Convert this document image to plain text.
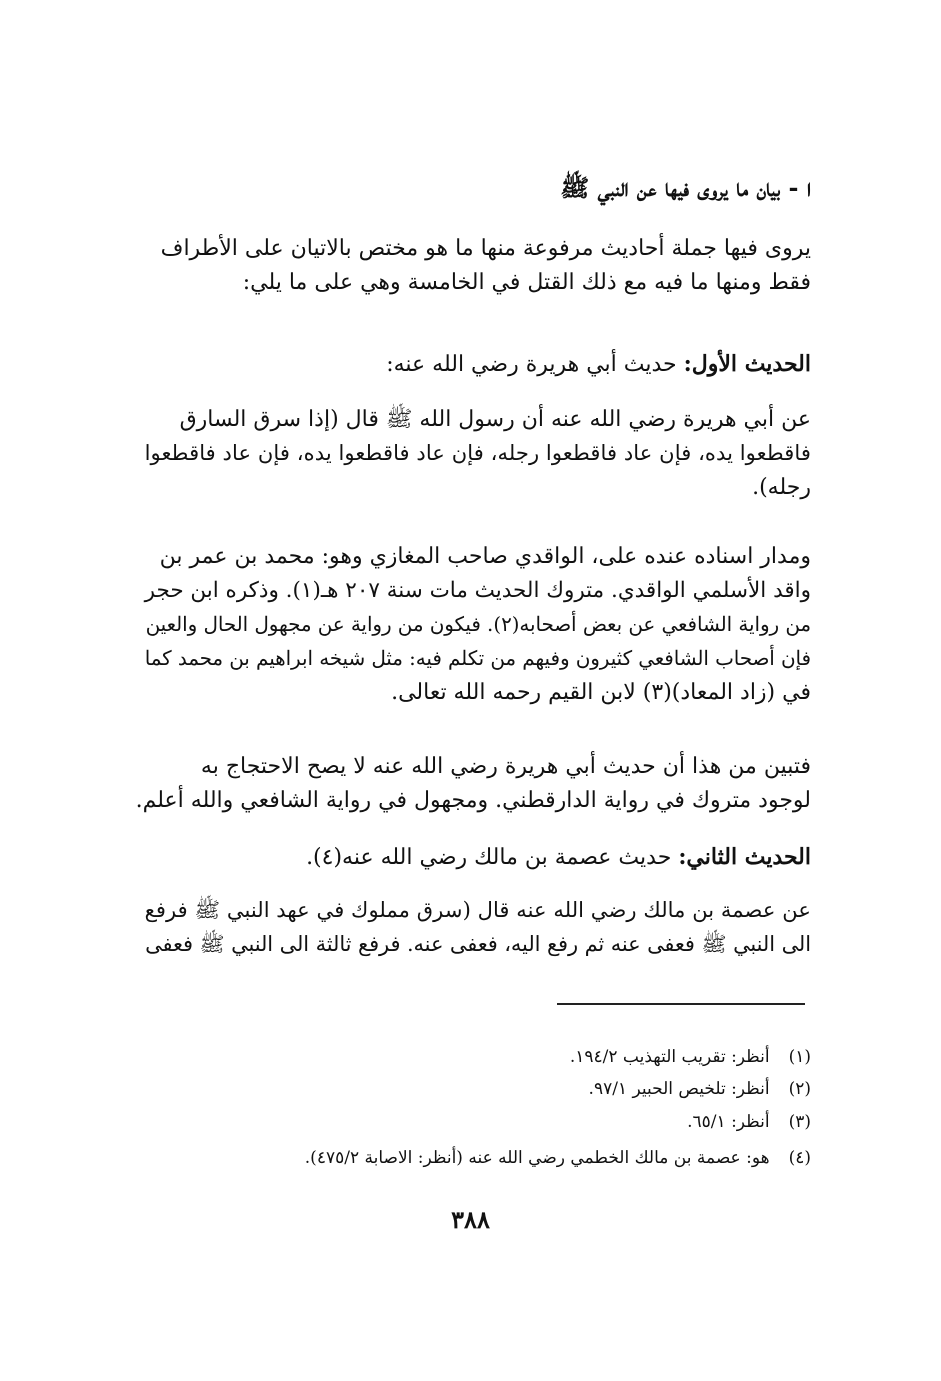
ا - بيان ما يروى فيها عن النبي ﷺ
يروى فيها جملة أحاديث مرفوعة منها ما هو مختص بالاتيان على الأطراف
فقط ومنها ما فيه مع ذلك القتل في الخامسة وهي على ما يلي:
الحديث الأول: حديث أبي هريرة رضي الله عنه:
عن أبي هريرة رضي الله عنه أن رسول الله ﷺ قال (إذا سرق السارق
فاقطعوا يده، فإن عاد فاقطعوا رجله، فإن عاد فاقطعوا يده، فإن عاد فاقطعوا
رجله).
ومدار اسناده عنده على، الواقدي صاحب المغازي وهو: محمد بن عمر بن
واقد الأسلمي الواقدي. متروك الحديث مات سنة ٢٠٧ هـ(١). وذكره ابن حجر
من رواية الشافعي عن بعض أصحابه(٢). فيكون من رواية عن مجهول الحال والعين
فإن أصحاب الشافعي كثيرون وفيهم من تكلم فيه: مثل شيخه ابراهيم بن محمد كما
في (زاد المعاد)(٣) لابن القيم رحمه الله تعالى.
فتبين من هذا أن حديث أبي هريرة رضي الله عنه لا يصح الاحتجاج به
لوجود متروك في رواية الدارقطني. ومجهول في رواية الشافعي والله أعلم.
الحديث الثاني: حديث عصمة بن مالك رضي الله عنه(٤).
عن عصمة بن مالك رضي الله عنه قال (سرق مملوك في عهد النبي ﷺ فرفع
الى النبي ﷺ فعفى عنه ثم رفع اليه، فعفى عنه. فرفع ثالثة الى النبي ﷺ فعفى
(١) أنظر: تقريب التهذيب ١٩٤/٢.
(٢) أنظر: تلخيص الحبير ٩٧/١.
(٣) أنظر: ٦٥/١.
(٤) هو: عصمة بن مالك الخطمي رضي الله عنه (أنظر: الاصابة ٤٧٥/٢).
٣٨٨
